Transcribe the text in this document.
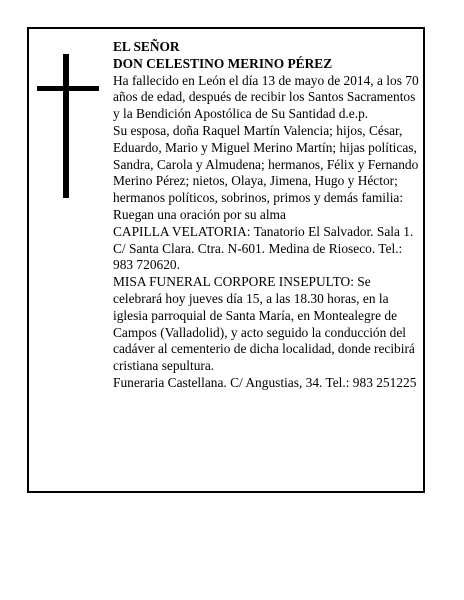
EL SEÑOR

DON CELESTINO MERINO PÉREZ

Ha fallecido en León el día 13 de mayo de 2014, a los 70 años de edad, después de recibir los Santos Sacramentos y la Bendición Apostólica de Su Santidad d.e.p.

Su esposa, doña Raquel Martín Valencia; hijos, César, Eduardo, Mario y Miguel Merino Martín; hijas políticas, Sandra, Carola y Almudena; hermanos, Félix y Fernando Merino Pérez; nietos, Olaya, Jimena, Hugo y Héctor; hermanos políticos, sobrinos, primos y demás familia:

Ruegan una oración por su alma

CAPILLA VELATORIA: Tanatorio El Salvador. Sala 1. C/ Santa Clara. Ctra. N-601. Medina de Rioseco. Tel.: 983 720620.

MISA FUNERAL CORPORE INSEPULTO: Se celebrará hoy jueves día 15, a las 18.30 horas, en la iglesia parroquial de Santa María, en Montealegre de Campos (Valladolid), y acto seguido la conducción del cadáver al cementerio de dicha localidad, donde recibirá cristiana sepultura.

Funeraria Castellana. C/ Angustias, 34. Tel.: 983 251225
